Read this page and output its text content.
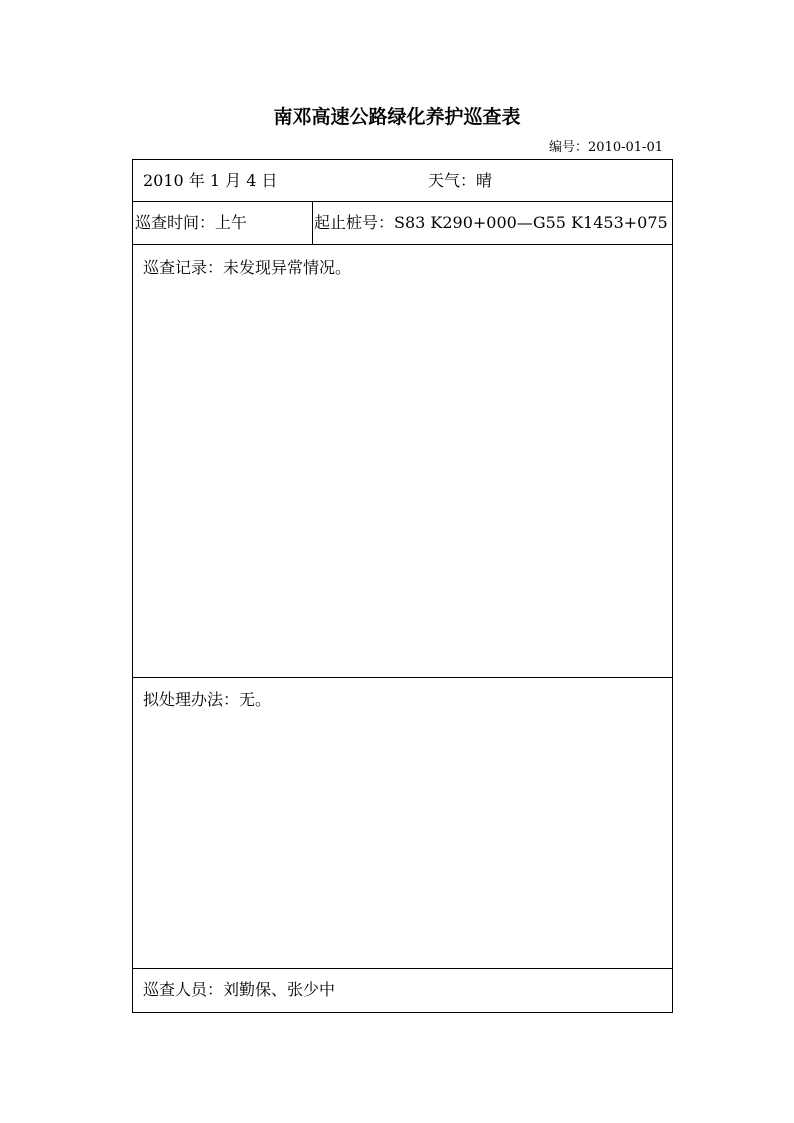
南邓高速公路绿化养护巡查表
编号：2010-01-01
2010 年 1 月 4 日	天气：晴
巡查时间：上午	起止桩号：S83 K290+000—G55 K1453+075
巡查记录：未发现异常情况。
拟处理办法：无。
巡查人员：刘勤保、张少中
